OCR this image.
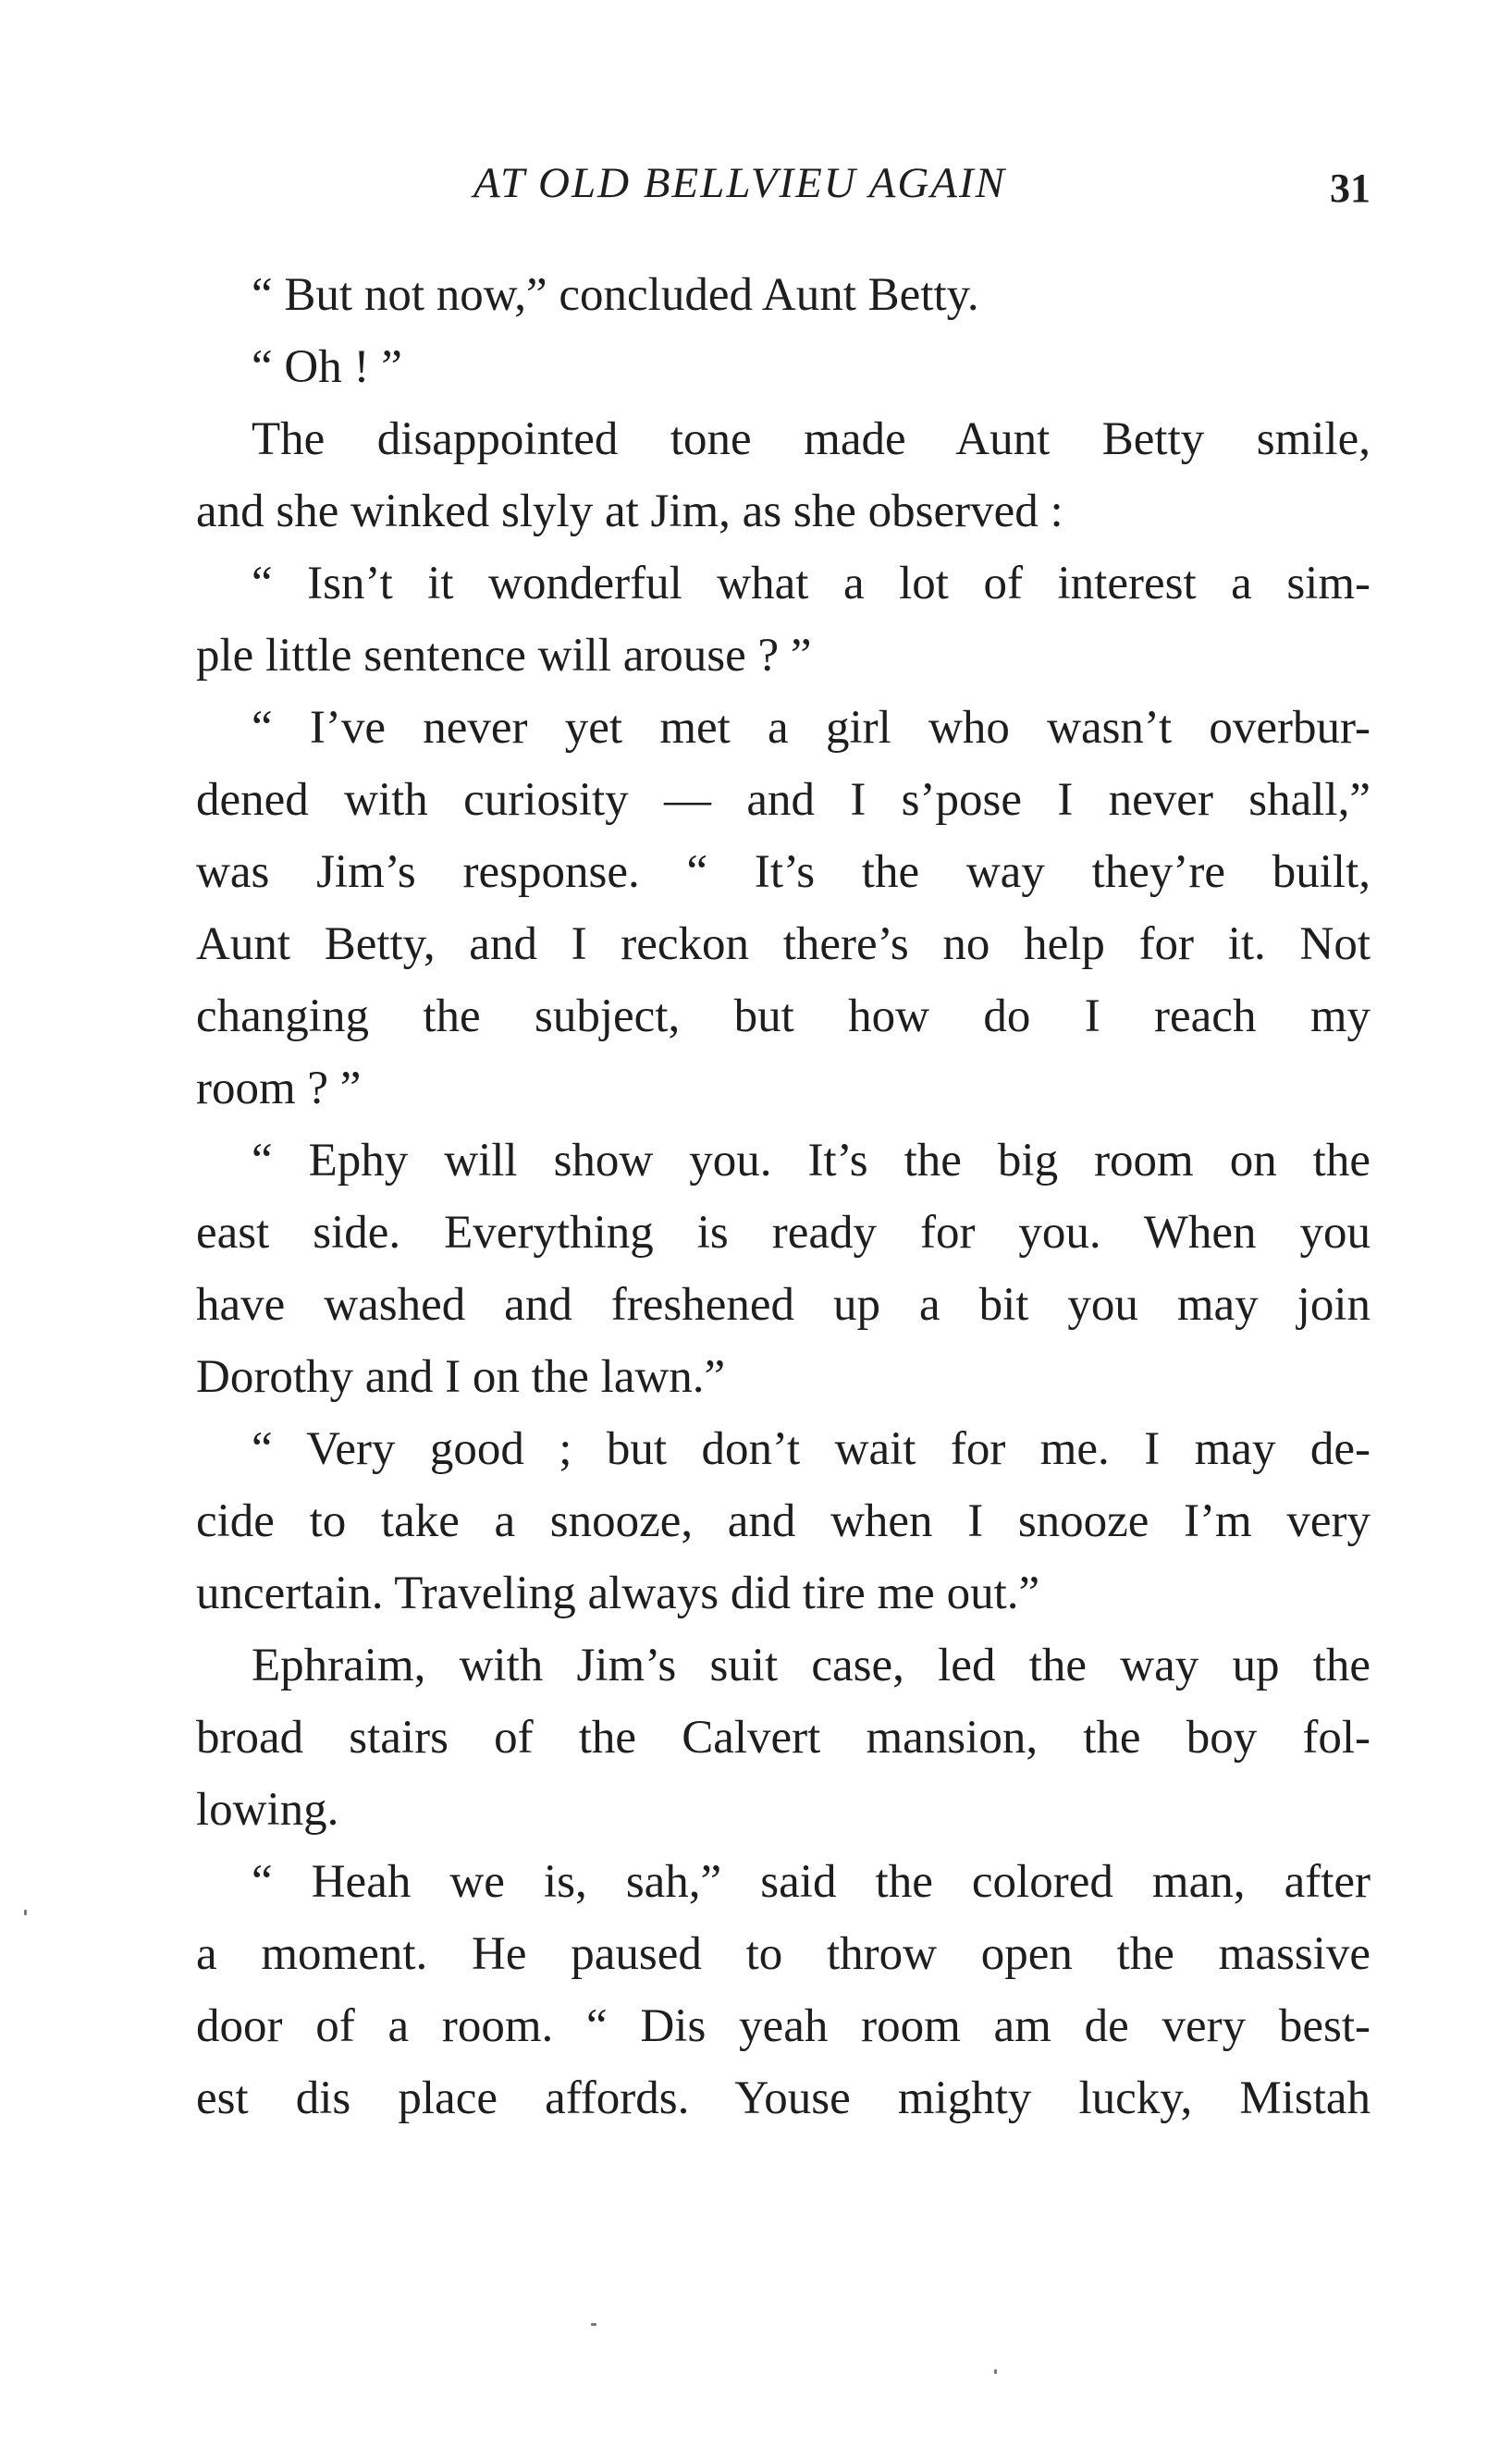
AT OLD BELLVIEU AGAIN	31
“ But not now,” concluded Aunt Betty.
“ Oh ! ”
The disappointed tone made Aunt Betty smile,
and she winked slyly at Jim, as she observed :
“ Isn’t it wonderful what a lot of interest a sim-
ple little sentence will arouse ? ”
“ I’ve never yet met a girl who wasn’t overbur-
dened with curiosity — and I s’pose I never shall,”
was Jim’s response. “ It’s the way they’re built,
Aunt Betty, and I reckon there’s no help for it. Not
changing the subject, but how do I reach my
room ? ”
“ Ephy will show you. It’s the big room on the
east side. Everything is ready for you. When you
have washed and freshened up a bit you may join
Dorothy and I on the lawn.”
“ Very good ; but don’t wait for me. I may de-
cide to take a snooze, and when I snooze I’m very
uncertain. Traveling always did tire me out.”
Ephraim, with Jim’s suit case, led the way up the
broad stairs of the Calvert mansion, the boy fol-
lowing.
“ Heah we is, sah,” said the colored man, after
a moment. He paused to throw open the massive
door of a room. “ Dis yeah room am de very best-
est dis place affords. Youse mighty lucky, Mistah
